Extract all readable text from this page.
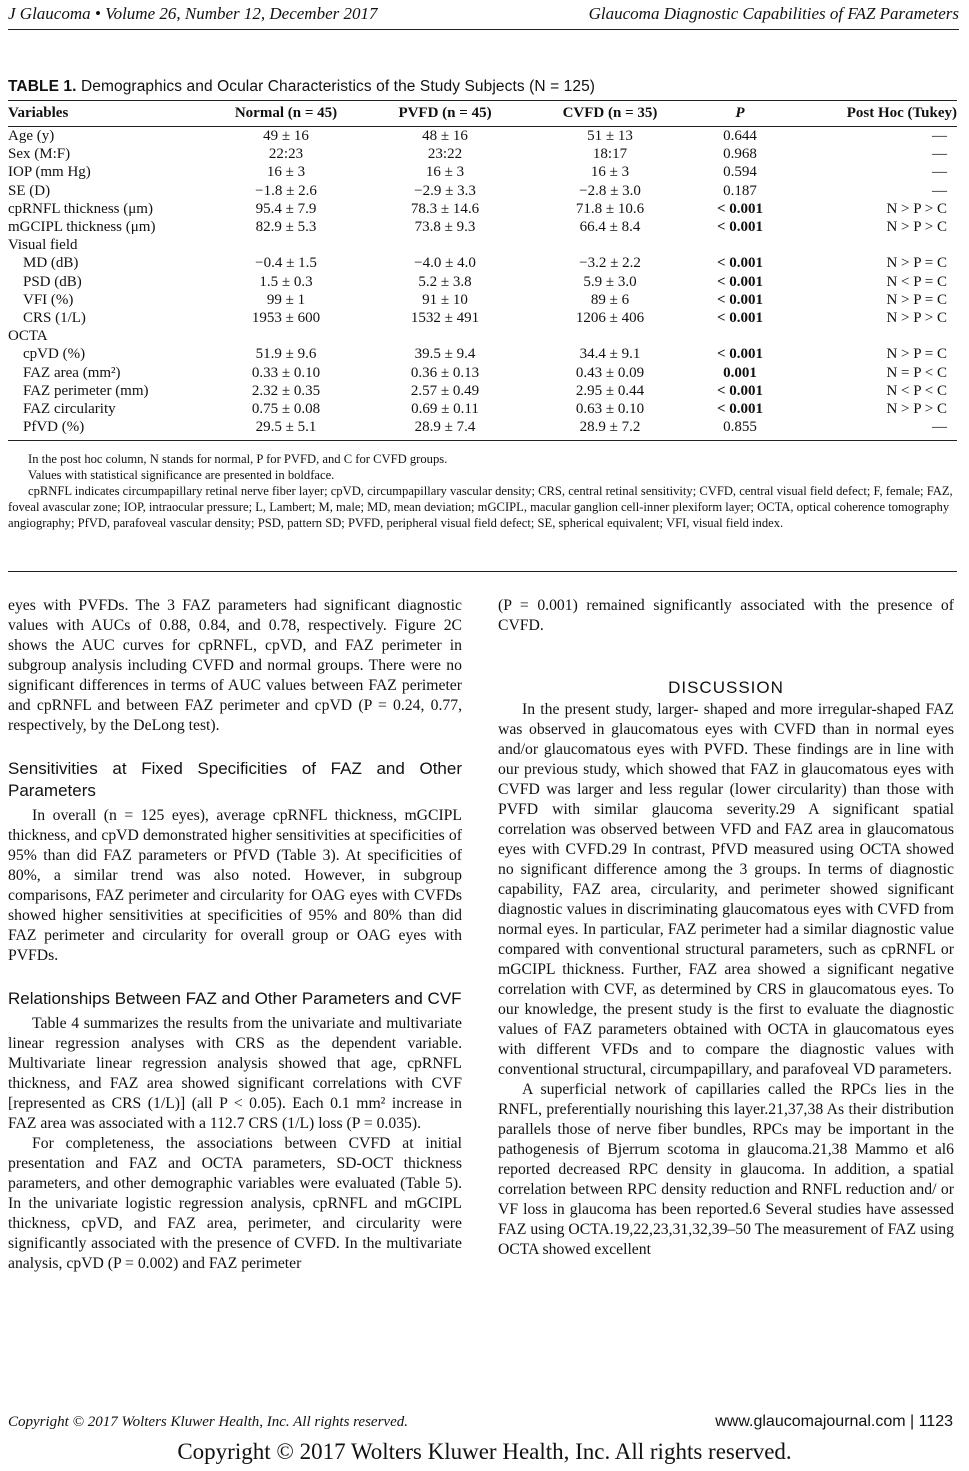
J Glaucoma • Volume 26, Number 12, December 2017	Glaucoma Diagnostic Capabilities of FAZ Parameters
TABLE 1. Demographics and Ocular Characteristics of the Study Subjects (N = 125)
Variables	Normal (n = 45)	PVFD (n = 45)	CVFD (n = 35)	P	Post Hoc (Tukey)

Age (y)	49 ± 16	48 ± 16	51 ± 13	0.644	—
Sex (M:F)	22:23	23:22	18:17	0.968	—
IOP (mm Hg)	16 ± 3	16 ± 3	16 ± 3	0.594	—
SE (D)	−1.8 ± 2.6	−2.9 ± 3.3	−2.8 ± 3.0	0.187	—
cpRNFL thickness (μm)	95.4 ± 7.9	78.3 ± 14.6	71.8 ± 10.6	< 0.001	N > P > C
mGCIPL thickness (μm)	82.9 ± 5.3	73.8 ± 9.3	66.4 ± 8.4	< 0.001	N > P > C
Visual field					
MD (dB)	−0.4 ± 1.5	−4.0 ± 4.0	−3.2 ± 2.2	< 0.001	N > P = C
PSD (dB)	1.5 ± 0.3	5.2 ± 3.8	5.9 ± 3.0	< 0.001	N < P = C
VFI (%)	99 ± 1	91 ± 10	89 ± 6	< 0.001	N > P = C
CRS (1/L)	1953 ± 600	1532 ± 491	1206 ± 406	< 0.001	N > P > C
OCTA					
cpVD (%)	51.9 ± 9.6	39.5 ± 9.4	34.4 ± 9.1	< 0.001	N > P = C
FAZ area (mm²)	0.33 ± 0.10	0.36 ± 0.13	0.43 ± 0.09	0.001	N = P < C
FAZ perimeter (mm)	2.32 ± 0.35	2.57 ± 0.49	2.95 ± 0.44	< 0.001	N < P < C
FAZ circularity	0.75 ± 0.08	0.69 ± 0.11	0.63 ± 0.10	< 0.001	N > P > C
PfVD (%)	29.5 ± 5.1	28.9 ± 7.4	28.9 ± 7.2	0.855	—

In the post hoc column, N stands for normal, P for PVFD, and C for CVFD groups.

Values with statistical significance are presented in boldface.

cpRNFL indicates circumpapillary retinal nerve fiber layer; cpVD, circumpapillary vascular density; CRS, central retinal sensitivity; CVFD, central visual field defect; F, female; FAZ, foveal avascular zone; IOP, intraocular pressure; L, Lambert; M, male; MD, mean deviation; mGCIPL, macular ganglion cell-inner plexiform layer; OCTA, optical coherence tomography angiography; PfVD, parafoveal vascular density; PSD, pattern SD; PVFD, peripheral visual field defect; SE, spherical equivalent; VFI, visual field index.

eyes with PVFDs. The 3 FAZ parameters had significant diagnostic values with AUCs of 0.88, 0.84, and 0.78, respectively. Figure 2C shows the AUC curves for cpRNFL, cpVD, and FAZ perimeter in subgroup analysis including CVFD and normal groups. There were no significant differences in terms of AUC values between FAZ perimeter and cpRNFL and between FAZ perimeter and cpVD (P = 0.24, 0.77, respectively, by the DeLong test).

Sensitivities at Fixed Specificities of FAZ and Other Parameters

In overall (n = 125 eyes), average cpRNFL thickness, mGCIPL thickness, and cpVD demonstrated higher sensitivities at specificities of 95% than did FAZ parameters or PfVD (Table 3). At specificities of 80%, a similar trend was also noted. However, in subgroup comparisons, FAZ perimeter and circularity for OAG eyes with CVFDs showed higher sensitivities at specificities of 95% and 80% than did FAZ perimeter and circularity for overall group or OAG eyes with PVFDs.

Relationships Between FAZ and Other Parameters and CVF

Table 4 summarizes the results from the univariate and multivariate linear regression analyses with CRS as the dependent variable. Multivariate linear regression analysis showed that age, cpRNFL thickness, and FAZ area showed significant correlations with CVF [represented as CRS (1/L)] (all P < 0.05). Each 0.1 mm² increase in FAZ area was associated with a 112.7 CRS (1/L) loss (P = 0.035).

For completeness, the associations between CVFD at initial presentation and FAZ and OCTA parameters, SD-OCT thickness parameters, and other demographic variables were evaluated (Table 5). In the univariate logistic regression analysis, cpRNFL and mGCIPL thickness, cpVD, and FAZ area, perimeter, and circularity were significantly associated with the presence of CVFD. In the multivariate analysis, cpVD (P = 0.002) and FAZ perimeter

(P = 0.001) remained significantly associated with the presence of CVFD.

DISCUSSION

In the present study, larger- shaped and more irregular-shaped FAZ was observed in glaucomatous eyes with CVFD than in normal eyes and/or glaucomatous eyes with PVFD. These findings are in line with our previous study, which showed that FAZ in glaucomatous eyes with CVFD was larger and less regular (lower circularity) than those with PVFD with similar glaucoma severity.29 A significant spatial correlation was observed between VFD and FAZ area in glaucomatous eyes with CVFD.29 In contrast, PfVD measured using OCTA showed no significant difference among the 3 groups. In terms of diagnostic capability, FAZ area, circularity, and perimeter showed significant diagnostic values in discriminating glaucomatous eyes with CVFD from normal eyes. In particular, FAZ perimeter had a similar diagnostic value compared with conventional structural parameters, such as cpRNFL or mGCIPL thickness. Further, FAZ area showed a significant negative correlation with CVF, as determined by CRS in glaucomatous eyes. To our knowledge, the present study is the first to evaluate the diagnostic values of FAZ parameters obtained with OCTA in glaucomatous eyes with different VFDs and to compare the diagnostic values with conventional structural, circumpapillary, and parafoveal VD parameters.

A superficial network of capillaries called the RPCs lies in the RNFL, preferentially nourishing this layer.21,37,38 As their distribution parallels those of nerve fiber bundles, RPCs may be important in the pathogenesis of Bjerrum scotoma in glaucoma.21,38 Mammo et al6 reported decreased RPC density in glaucoma. In addition, a spatial correlation between RPC density reduction and RNFL reduction and/ or VF loss in glaucoma has been reported.6 Several studies have assessed FAZ using OCTA.19,22,23,31,32,39–50 The measurement of FAZ using OCTA showed excellent

Copyright © 2017 Wolters Kluwer Health, Inc. All rights reserved.	www.glaucomajournal.com | 1123
Copyright © 2017 Wolters Kluwer Health, Inc. All rights reserved.
